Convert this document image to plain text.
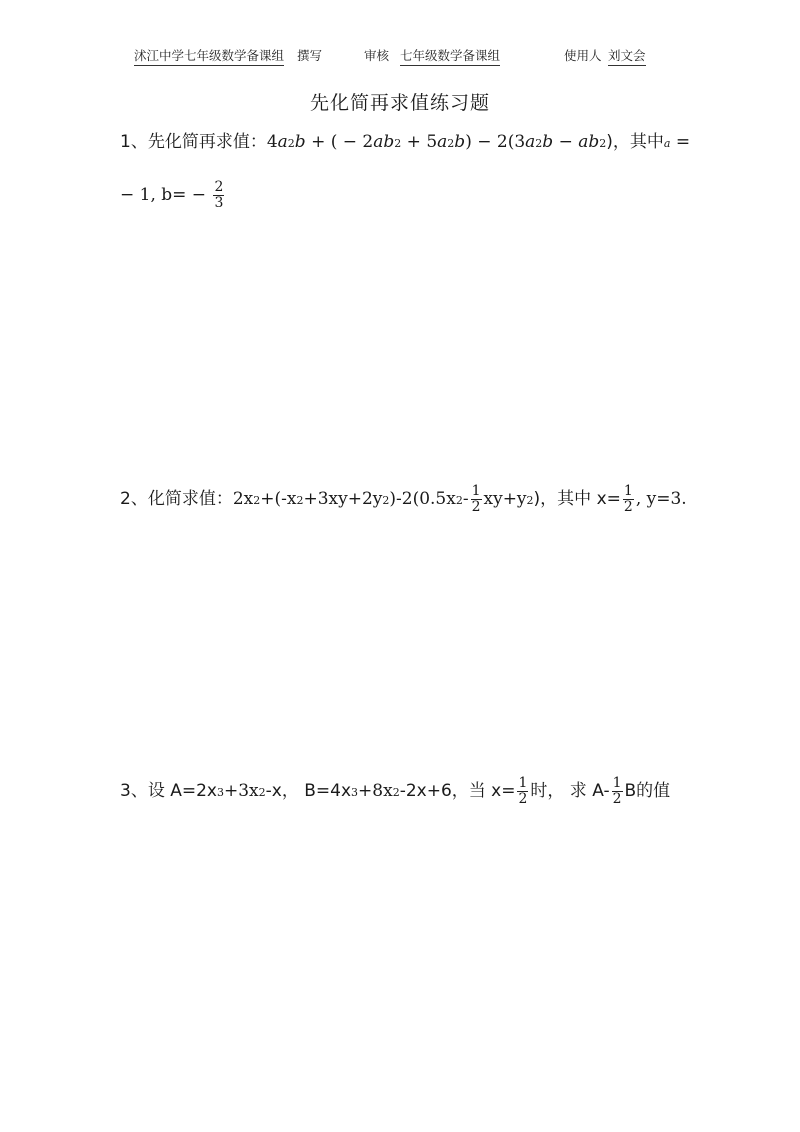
沭江中学七年级数学备课组 撰写	审核 七年级数学备课组	使用人 刘文会
先化简再求值练习题
1、先化简再求值：4a2b + ( − 2ab2 + 5a2b) − 2(3a2b − ab2)，其中a =
− 1, $b= - \frac{2}{3}$
2、化简求值：$2x2+(-x2+3xy+2y2)-2(0.5x2- \frac{1}{2} xy+y2)$，其中 $x= \frac{1}{2}$ , y=3.
3、设 A=2x3+3x2-x， B=4x3+8x2-2x+6，当 $x= \frac{1}{2}$ 时， 求 $A- \frac{1}{2}$ B的值
